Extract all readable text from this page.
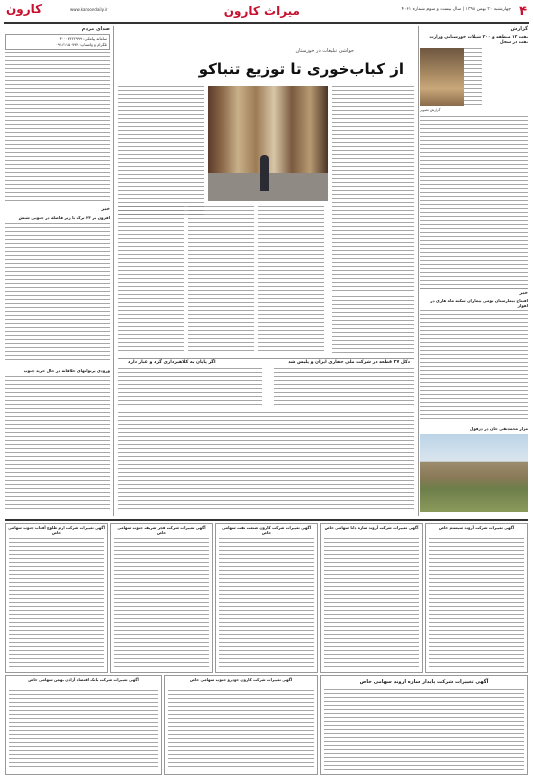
۴
چهارشنبه ۳۰ بهمن ۱۳۹۸ | سال بیست و سوم شماره ۴۰۶۱
میراث کارون
کارون	www.karoondaily.ir
گزارش
نفت ۱۳ منطقه و ۳۰۰ شیلات خوزستانی وزارت نفت در سجل
گزارش تصویر
خبر
افتتاح بیمارستان بومی بیماران سکته ماه هاری در اهواز
مزار محمدتقی خان در دزفول
صدای مردم
سامانه پیامکی: ۳۰۰۰۷۲۲۲۹۹۹
تلگرام و واتساپ: ۰۹۱۶۱۱۵۰۷۹۴
خبر
افزون بر ۲۳ ترک با زیر فاصله در جنوبی شبش
ورودی پرتوانهای خلاقانه در حال خرید جنوب
حواشی تبلیغات در خوزستان
از کباب‌خوری تا توزیع تنباکو
دکل ۲۷ قطعه در شرکت ملی حفاری ایران و پلیس شد
اگر پایان به کلاهبرداری گرد و غبار دارد
آگهی تغییرات شرکت آروند سیستم خاص
آگهی تغییرات شرکت آروند سازه دانا سهامی خاص
آگهی تغییرات شرکت کارون صنعت نفت سهامی خاص
آگهی تغییرات شرکت فجر شریف جنوب سهامی خاص
آگهی تغییرات شرکت ارم طلوع آفتاب جنوب سهامی خاص
آگهی تغییرات شرکت پایدار سازه اروند سهامی خاص
آگهی تغییرات شرکت کارون خودرو جنوب سهامی خاص
آگهی تغییرات شرکت بانک اقتصاد آزادن بهمن سهامی خاص
